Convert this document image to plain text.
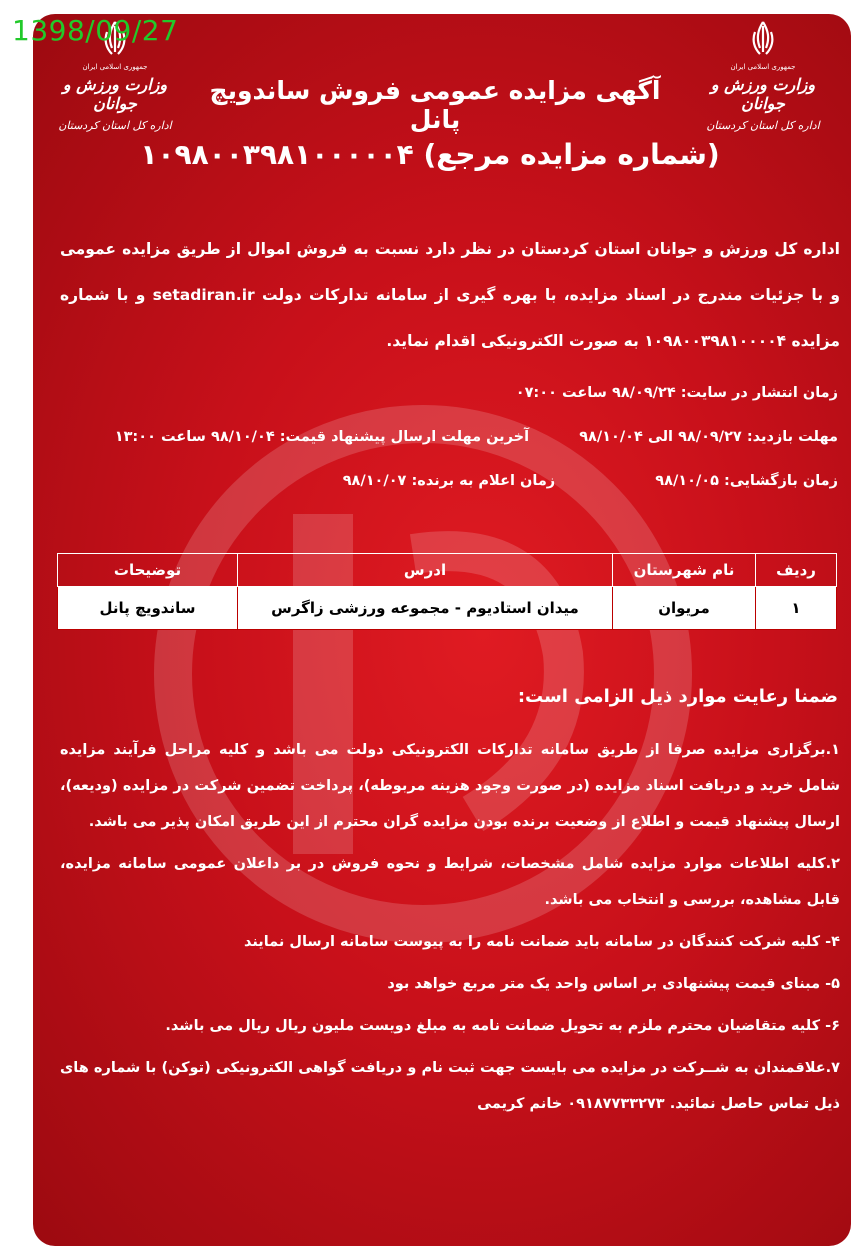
1398/09/27
جمهوری اسلامی ایران
وزارت ورزش و جوانان
اداره کل استان کردستان
جمهوری اسلامی ایران
وزارت ورزش و جوانان
اداره کل استان کردستان
آگهی مزایده عمومی فروش ساندویچ پانل
(شماره مزایده مرجع) ۱۰۹۸۰۰۳۹۸۱۰۰۰۰۰۴
اداره کل ورزش و جوانان استان کردستان در نظر دارد نسبت به فروش اموال از طریق مزایده عمومی و با جزئیات مندرج در اسناد مزایده، با بهره گیری از سامانه تدارکات دولت setadiran.ir و با شماره مزایده ۱۰۹۸۰۰۳۹۸۱۰۰۰۰۴ به صورت الکترونیکی اقدام نماید.
زمان انتشار در سایت: ۹۸/۰۹/۲۴ ساعت ۰۷:۰۰
مهلت بازدید: ۹۸/۰۹/۲۷ الی ۹۸/۱۰/۰۴  آخرین مهلت ارسال پیشنهاد قیمت: ۹۸/۱۰/۰۴ ساعت ۱۳:۰۰
زمان بازگشایی: ۹۸/۱۰/۰۵  زمان اعلام به برنده: ۹۸/۱۰/۰۷
ردیف	نام شهرستان	ادرس	توضیحات
۱	مریوان	میدان استادیوم - مجموعه ورزشی زاگرس	ساندویچ پانل
ضمنا رعایت موارد ذیل الزامی است:

۱.برگزاری مزایده صرفا از طریق سامانه تدارکات الکترونیکی دولت می باشد و کلیه مراحل فرآیند مزایده شامل خرید و دریافت اسناد مزایده (در صورت وجود هزینه مربوطه)، پرداخت تضمین شرکت در مزایده (ودیعه)، ارسال پیشنهاد قیمت و اطلاع از وضعیت برنده بودن مزایده گران محترم از این طریق امکان پذیر می باشد.

۲.کلیه اطلاعات موارد مزایده شامل مشخصات، شرایط و نحوه فروش در بر داعلان عمومی سامانه مزایده، قابل مشاهده، بررسی و انتخاب می باشد.

۴- کلیه شرکت کنندگان در سامانه باید ضمانت نامه را به پیوست سامانه ارسال نمایند

۵- مبنای قیمت پیشنهادی بر اساس واحد یک متر مربع خواهد بود

۶- کلیه متقاضیان محترم ملزم به تحویل ضمانت نامه به مبلغ دویست ملیون ریال ریال می باشد.

۷.علاقمندان به شــرکت در مزایده می بایست جهت ثبت نام و دریافت گواهی الکترونیکی (توکن) با شماره های ذیل تماس حاصل نمائید. ۰۹۱۸۷۷۳۳۲۷۳ خانم کریمی
